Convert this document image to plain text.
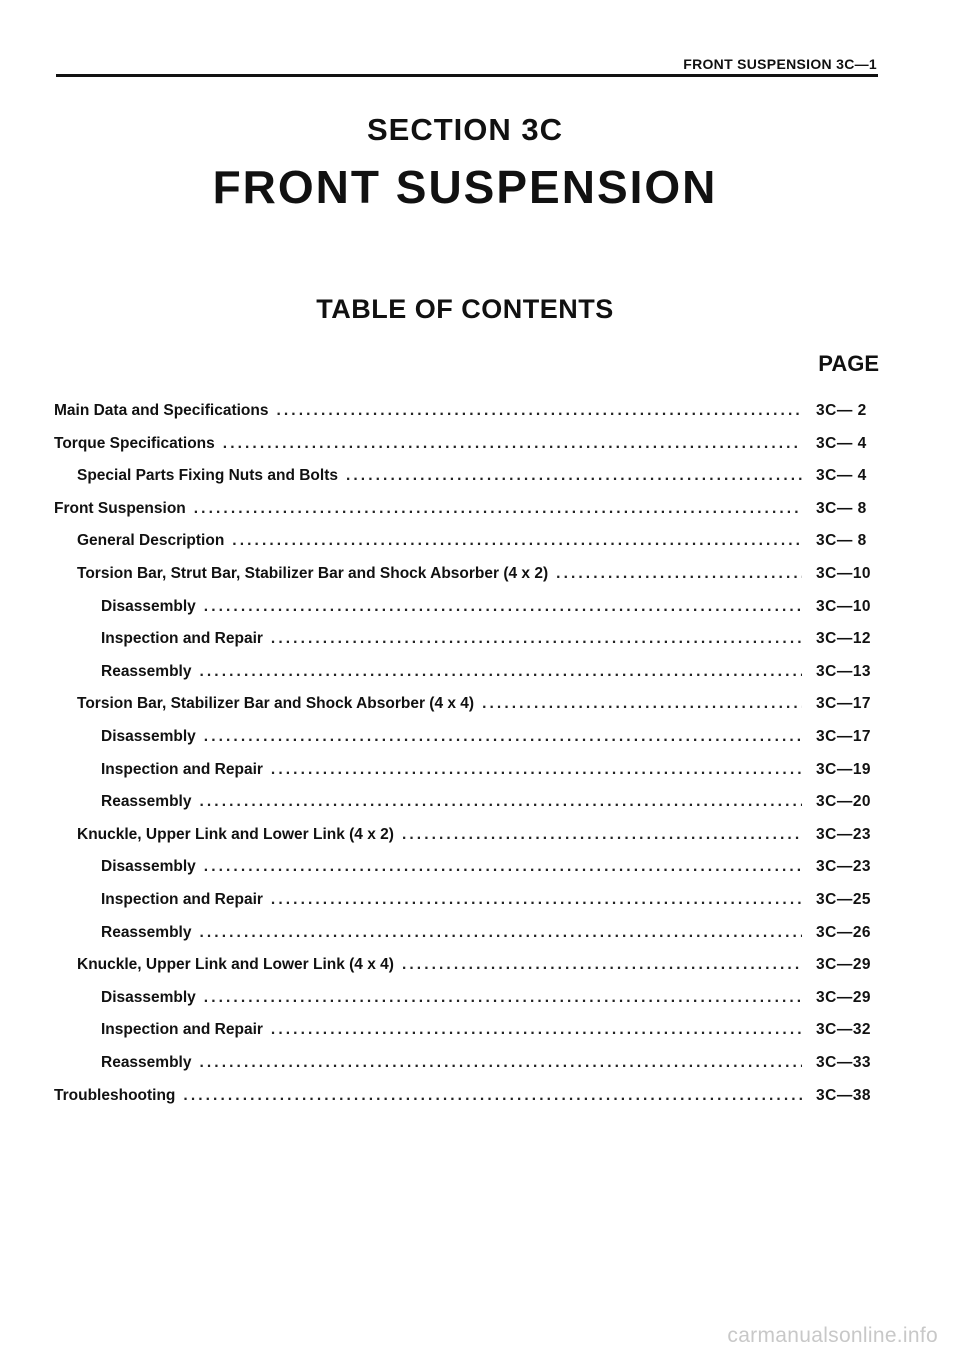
FRONT SUSPENSION 3C—1
SECTION 3C
FRONT SUSPENSION
TABLE OF CONTENTS
PAGE
Main Data and Specifications . . .	3C— 2
Torque Specifications . . .	3C— 4
Special Parts Fixing Nuts and Bolts . . .	3C— 4
Front Suspension . . .	3C— 8
General Description . . .	3C— 8
Torsion Bar, Strut Bar, Stabilizer Bar and Shock Absorber (4 x 2) . . .	3C—10
Disassembly . . .	3C—10
Inspection and Repair . . .	3C—12
Reassembly . . .	3C—13
Torsion Bar, Stabilizer Bar and Shock Absorber (4 x 4) . . .	3C—17
Disassembly . . .	3C—17
Inspection and Repair . . .	3C—19
Reassembly . . .	3C—20
Knuckle, Upper Link and Lower Link (4 x 2) . . .	3C—23
Disassembly . . .	3C—23
Inspection and Repair . . .	3C—25
Reassembly . . .	3C—26
Knuckle, Upper Link and Lower Link (4 x 4) . . .	3C—29
Disassembly . . .	3C—29
Inspection and Repair . . .	3C—32
Reassembly . . .	3C—33
Troubleshooting . . .	3C—38
carmanualsonline.info
